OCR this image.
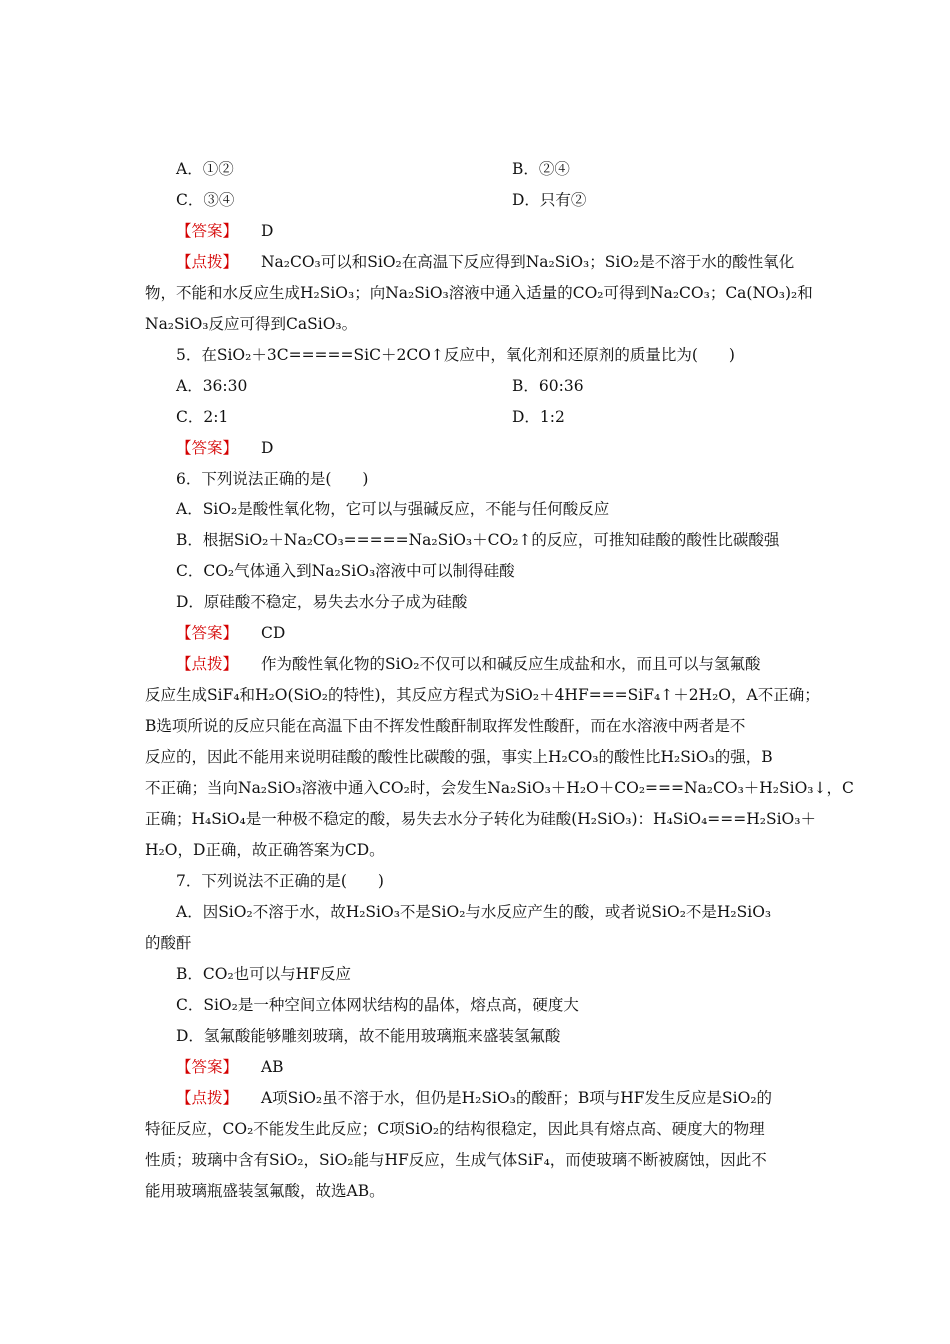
A．①②	B．②④
C．③④	D．只有②
【答案】 D
【点拨】 Na₂CO₃可以和SiO₂在高温下反应得到Na₂SiO₃；SiO₂是不溶于水的酸性氧化
物，不能和水反应生成H₂SiO₃；向Na₂SiO₃溶液中通入适量的CO₂可得到Na₂CO₃；Ca(NO₃)₂和
Na₂SiO₃反应可得到CaSiO₃。
5．在SiO₂＋3C=====SiC＋2CO↑反应中，氧化剂和还原剂的质量比为(　　)
A．36:30	B．60:36
C．2:1	D．1:2
【答案】 D
6．下列说法正确的是(　　)
A．SiO₂是酸性氧化物，它可以与强碱反应，不能与任何酸反应
B．根据SiO₂＋Na₂CO₃=====Na₂SiO₃＋CO₂↑的反应，可推知硅酸的酸性比碳酸强
C．CO₂气体通入到Na₂SiO₃溶液中可以制得硅酸
D．原硅酸不稳定，易失去水分子成为硅酸
【答案】 CD
【点拨】 作为酸性氧化物的SiO₂不仅可以和碱反应生成盐和水，而且可以与氢氟酸
反应生成SiF₄和H₂O(SiO₂的特性)，其反应方程式为SiO₂＋4HF===SiF₄↑＋2H₂O，A不正确；
B选项所说的反应只能在高温下由不挥发性酸酐制取挥发性酸酐，而在水溶液中两者是不
反应的，因此不能用来说明硅酸的酸性比碳酸的强，事实上H₂CO₃的酸性比H₂SiO₃的强，B
不正确；当向Na₂SiO₃溶液中通入CO₂时，会发生Na₂SiO₃＋H₂O＋CO₂===Na₂CO₃＋H₂SiO₃↓，C
正确；H₄SiO₄是一种极不稳定的酸，易失去水分子转化为硅酸(H₂SiO₃)：H₄SiO₄===H₂SiO₃＋
H₂O，D正确，故正确答案为CD。
7．下列说法不正确的是(　　)
A．因SiO₂不溶于水，故H₂SiO₃不是SiO₂与水反应产生的酸，或者说SiO₂不是H₂SiO₃
的酸酐
B．CO₂也可以与HF反应
C．SiO₂是一种空间立体网状结构的晶体，熔点高，硬度大
D．氢氟酸能够雕刻玻璃，故不能用玻璃瓶来盛装氢氟酸
【答案】 AB
【点拨】 A项SiO₂虽不溶于水，但仍是H₂SiO₃的酸酐；B项与HF发生反应是SiO₂的
特征反应，CO₂不能发生此反应；C项SiO₂的结构很稳定，因此具有熔点高、硬度大的物理
性质；玻璃中含有SiO₂，SiO₂能与HF反应，生成气体SiF₄，而使玻璃不断被腐蚀，因此不
能用玻璃瓶盛装氢氟酸，故选AB。
